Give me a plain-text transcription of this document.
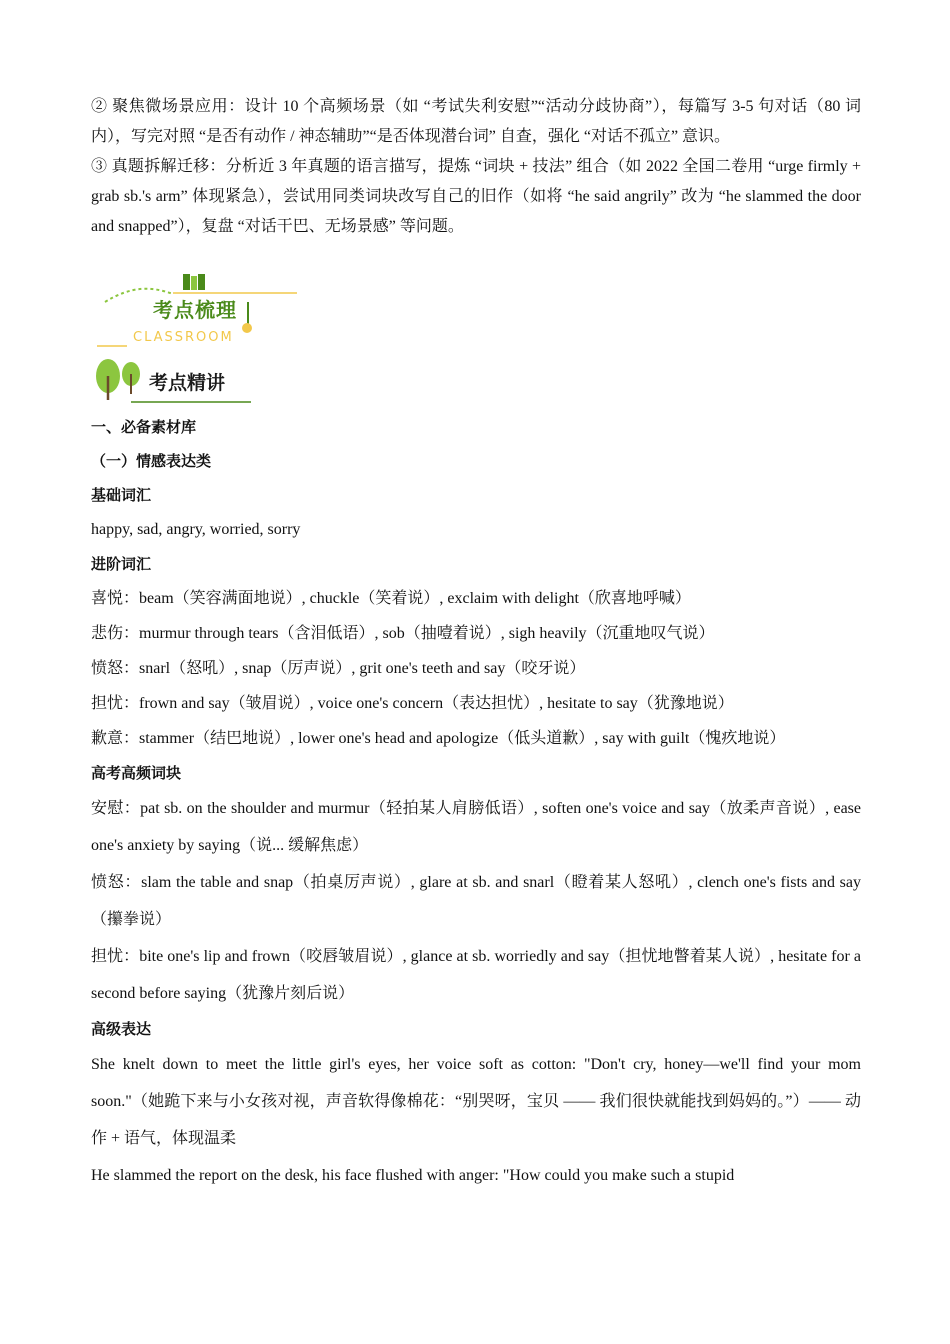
② 聚焦微场景应用：设计 10 个高频场景（如 “考试失利安慰”“活动分歧协商”），每篇写 3-5 句对话（80 词内），写完对照 “是否有动作 / 神态辅助”“是否体现潜台词” 自查，强化 “对话不孤立” 意识。

③ 真题拆解迁移：分析近 3 年真题的语言描写，提炼 “词块 + 技法” 组合（如 2022 全国二卷用 “urge firmly + grab sb.'s arm” 体现紧急），尝试用同类词块改写自己的旧作（如将 “he said angrily” 改为 “he slammed the door and snapped”），复盘 “对话干巴、无场景感” 等问题。

考点梳理
CLASSROOM
考点精讲

一、必备素材库

（一）情感表达类

基础词汇

happy, sad, angry, worried, sorry

进阶词汇

喜悦：beam（笑容满面地说）, chuckle（笑着说）, exclaim with delight（欣喜地呼喊）

悲伤：murmur through tears（含泪低语）, sob（抽噎着说）, sigh heavily（沉重地叹气说）

愤怒：snarl（怒吼）, snap（厉声说）, grit one's teeth and say（咬牙说）

担忧：frown and say（皱眉说）, voice one's concern（表达担忧）, hesitate to say（犹豫地说）

歉意：stammer（结巴地说）, lower one's head and apologize（低头道歉）, say with guilt（愧疚地说）

高考高频词块

安慰：pat sb. on the shoulder and murmur（轻拍某人肩膀低语）, soften one's voice and say（放柔声音说）, ease one's anxiety by saying（说... 缓解焦虑）

愤怒：slam the table and snap（拍桌厉声说）, glare at sb. and snarl（瞪着某人怒吼）, clench one's fists and say（攥拳说）

担忧：bite one's lip and frown（咬唇皱眉说）, glance at sb. worriedly and say（担忧地瞥着某人说）, hesitate for a second before saying（犹豫片刻后说）

高级表达

She knelt down to meet the little girl's eyes, her voice soft as cotton: "Don't cry, honey—we'll find your mom soon."（她跪下来与小女孩对视，声音软得像棉花：“别哭呀，宝贝 —— 我们很快就能找到妈妈的。”）—— 动作 + 语气，体现温柔

He slammed the report on the desk, his face flushed with anger: "How could you make such a stupid
